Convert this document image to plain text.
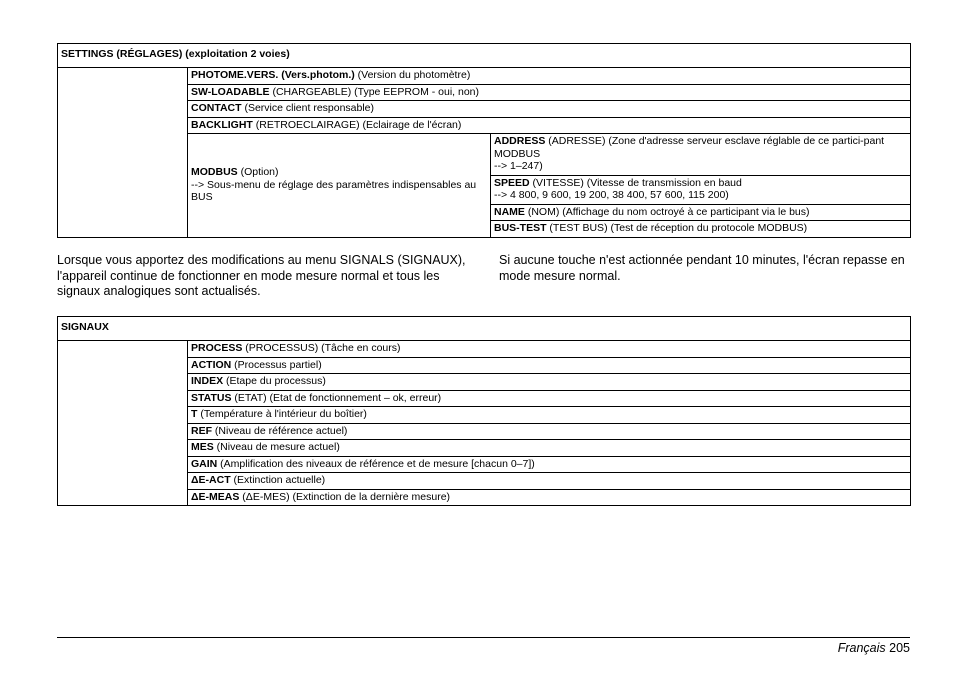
SETTINGS (RÉGLAGES) (exploitation 2 voies)		
	PHOTOME.VERS. (Vers.photom.) (Version du photomètre)	
	SW-LOADABLE (CHARGEABLE) (Type EEPROM - oui, non)	
	CONTACT (Service client responsable)	
	BACKLIGHT (RETROECLAIRAGE) (Eclairage de l'écran)	
	MODBUS (Option)
--> Sous-menu de réglage des paramètres indispensables au BUS	ADDRESS (ADRESSE) (Zone d'adresse serveur esclave réglable de ce partici-pant MODBUS
--> 1–247)
		SPEED (VITESSE) (Vitesse de transmission en baud
--> 4 800, 9 600, 19 200, 38 400, 57 600, 115 200)
		NAME (NOM) (Affichage du nom octroyé à ce participant via le bus)
		BUS-TEST (TEST BUS) (Test de réception du protocole MODBUS)

Lorsque vous apportez des modifications au menu SIGNALS (SIGNAUX), l'appareil continue de fonctionner en mode mesure normal et tous les signaux analogiques sont actualisés.

Si aucune touche n'est actionnée pendant 10 minutes, l'écran repasse en mode mesure normal.

SIGNAUX
	PROCESS (PROCESSUS) (Tâche en cours)
ACTION (Processus partiel)
INDEX (Etape du processus)
STATUS (ETAT) (Etat de fonctionnement – ok, erreur)
T (Température à l'intérieur du boîtier)
REF (Niveau de référence actuel)
MES (Niveau de mesure actuel)
GAIN (Amplification des niveaux de référence et de mesure [chacun 0–7])
ΔE-ACT (Extinction actuelle)
ΔE-MEAS (ΔE-MES) (Extinction de la dernière mesure)
Français 205
